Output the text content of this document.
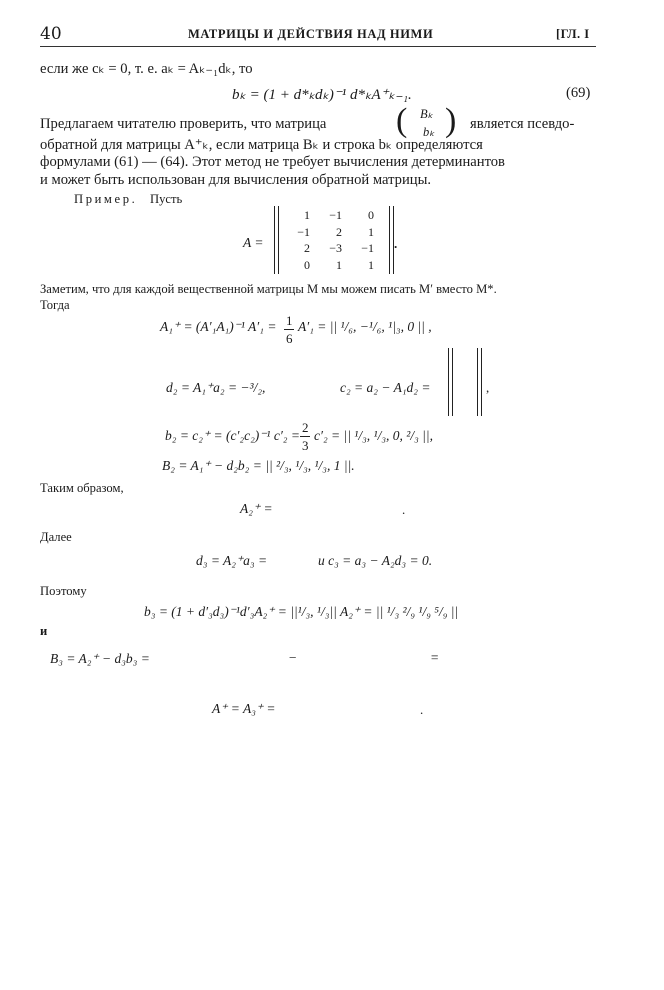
40	МАТРИЦЫ И ДЕЙСТВИЯ НАД НИМИ	[ГЛ. I
если же cₖ = 0, т. е. aₖ = Aₖ₋₁dₖ, то
bₖ = (1 + d*ₖdₖ)⁻¹ d*ₖA⁺ₖ₋₁.	(69)
Предлагаем читателю проверить, что матрица ( Bₖ
bₖ ) является псевдо-
обратной для матрицы A⁺ₖ, если матрица Bₖ и строка bₖ определяются
формулами (61) — (64). Этот метод не требует вычисления детерминантов
и может быть использован для вычисления обратной матрицы.
Пример. Пусть
A =
1	−1	0
−1	2	1
2	−3	−1
0	1	1
.
Заметим, что для каждой вещественной матрицы M мы можем писать M′ вместо M*.
Тогда
A₁⁺ = (A′₁A₁)⁻¹ A′₁ = 1
6
A′₁ = || ¹/₆, −¹/₆, ¹|₃, 0 || ,
d₂ = A₁⁺a₂ = −³/₂,	c₂ = a₂ − A₁d₂ =	,
b₂ = c₂⁺ = (c′₂c₂)⁻¹ c′₂ =
2
3
c′₂ = || ¹/₃, ¹/₃, 0, ²/₃ ||,
B₂ = A₁⁺ − d₂b₂ = || ²/₃, ¹/₃, ¹/₃, 1 ||.
Таким образом,
A₂⁺ =	.
Далее
d₃ = A₂⁺a₃ =	и c₃ = a₃ − A₂d₃ = 0.
Поэтому
b₃ = (1 + d′₃d₃)⁻¹d′₃A₂⁺ = ||¹/₃, ¹/₃|| A₂⁺ = || ¹/₃ ²/₉ ¹/₉ ⁵/₉ ||
и
B₃ = A₂⁺ − d₃b₃ =	−	=
A⁺ = A₃⁺ =	.
